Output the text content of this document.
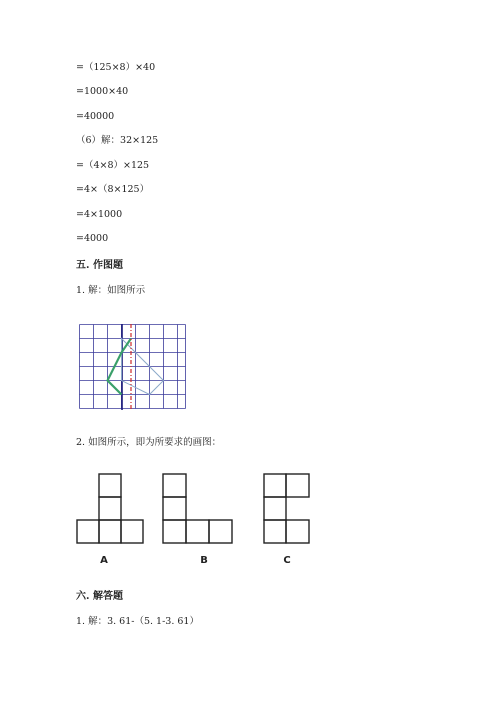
=（125×8）×40
=1000×40
=40000
（6）解：32×125
=（4×8）×125
=4×（8×125）
=4×1000
=4000
五. 作图题
1. 解：如图所示
2. 如图所示，即为所要求的画图：
A	B	C
六. 解答题
1. 解：3. 61-（5. 1-3. 61）
